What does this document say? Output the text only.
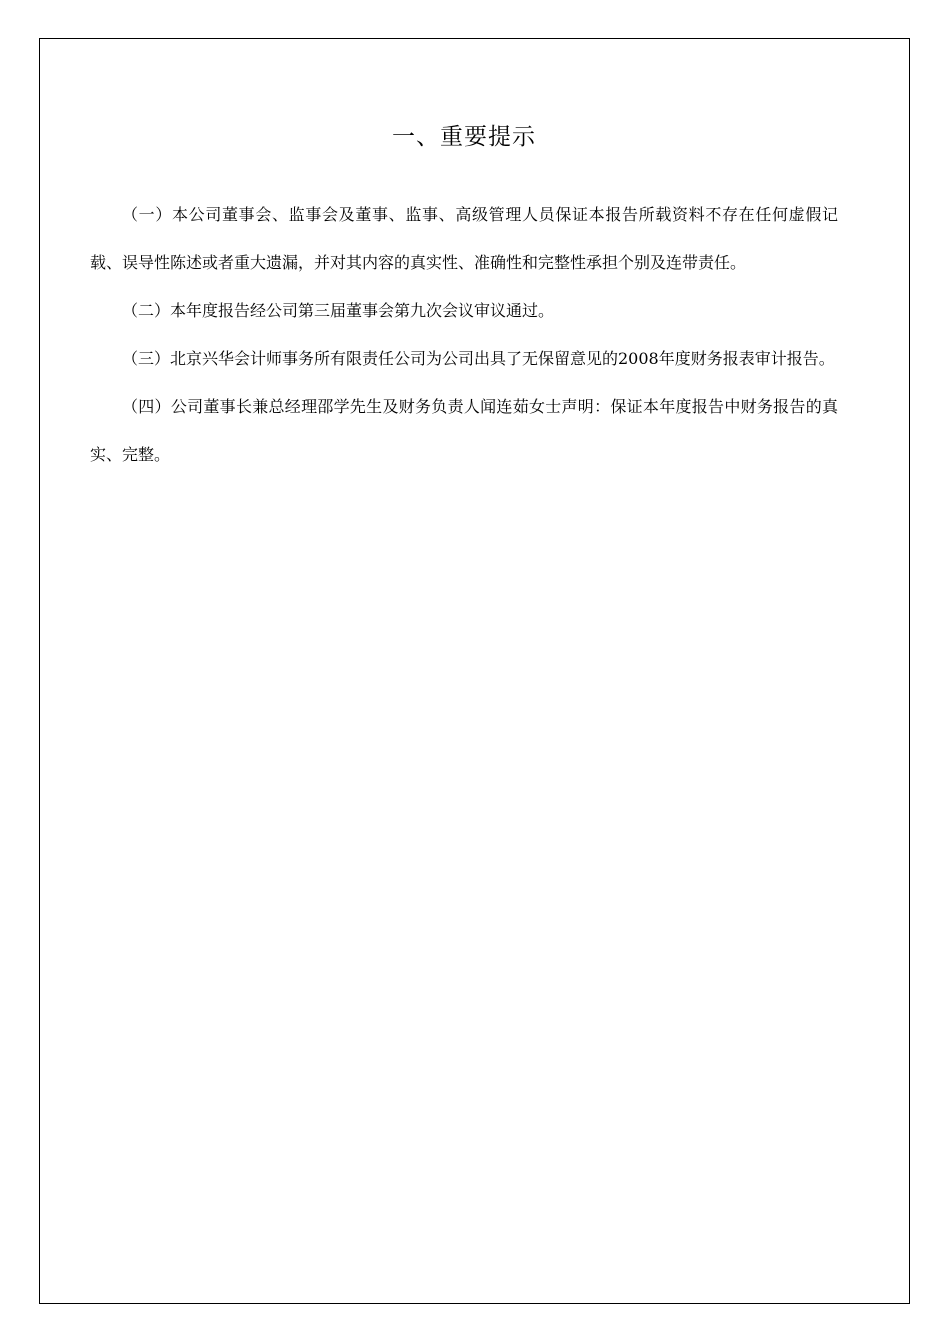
一、重要提示

（一）本公司董事会、监事会及董事、监事、高级管理人员保证本报告所载资料不存在任何虚假记载、误导性陈述或者重大遗漏，并对其内容的真实性、准确性和完整性承担个别及连带责任。

（二）本年度报告经公司第三届董事会第九次会议审议通过。

（三）北京兴华会计师事务所有限责任公司为公司出具了无保留意见的2008年度财务报表审计报告。

（四）公司董事长兼总经理邵学先生及财务负责人闻连茹女士声明：保证本年度报告中财务报告的真实、完整。
